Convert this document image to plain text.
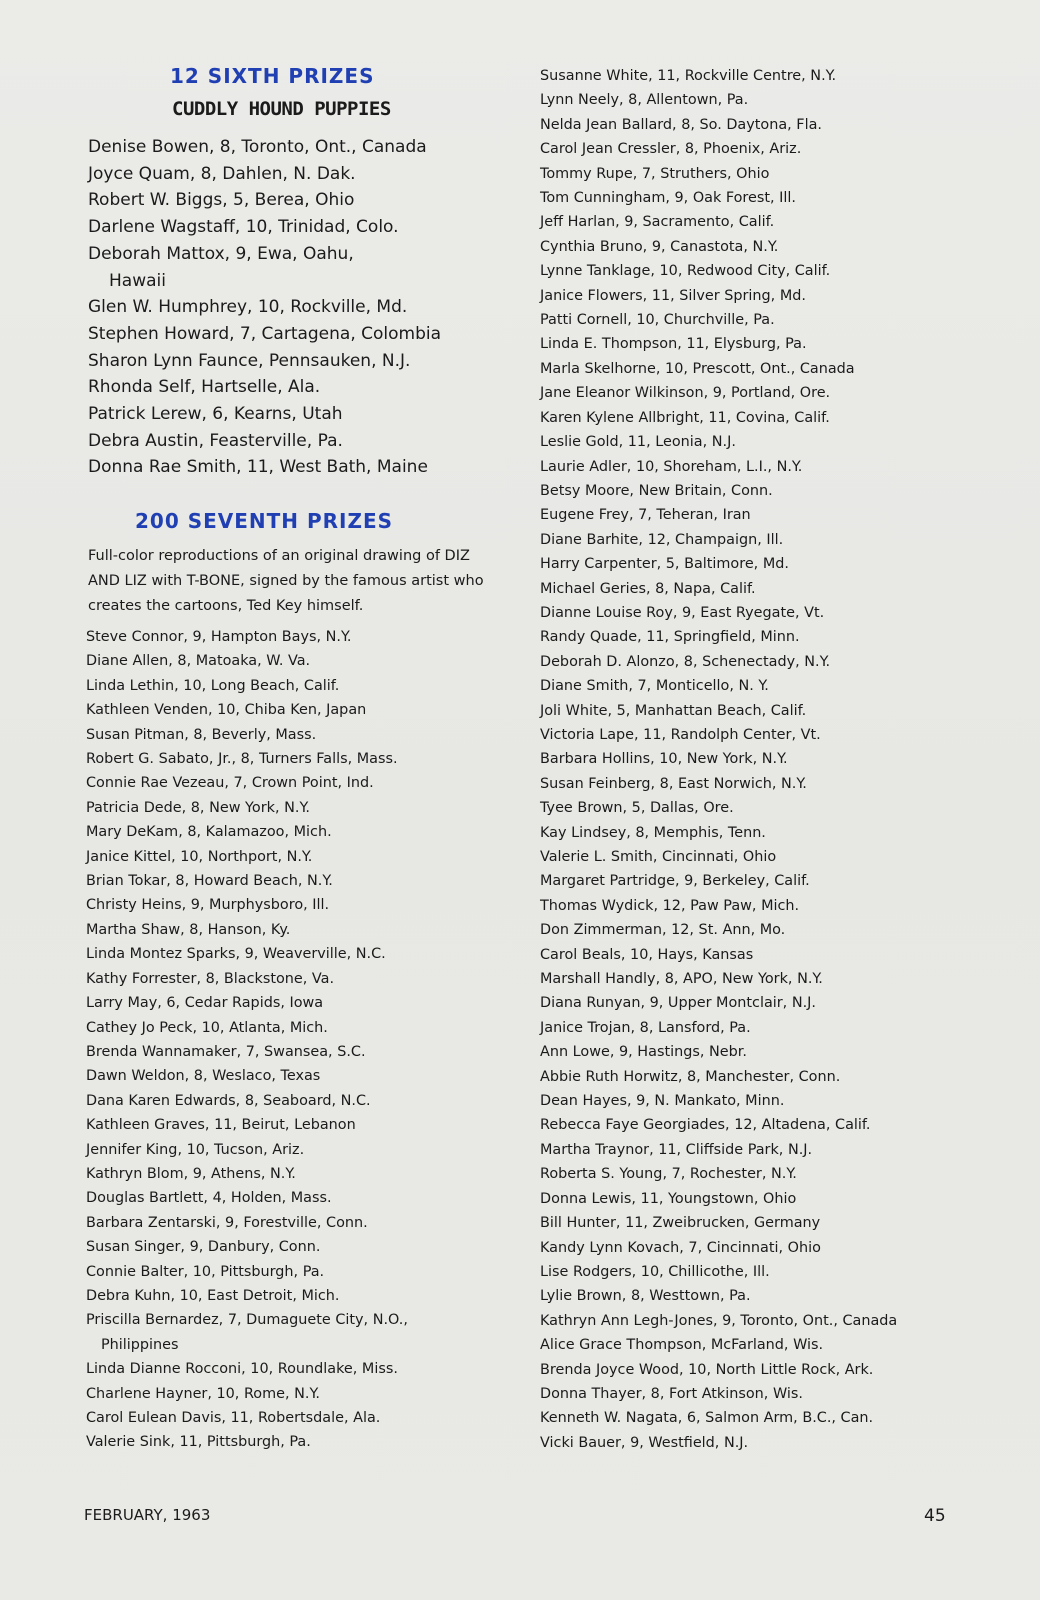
12 SIXTH PRIZES
CUDDLY HOUND PUPPIES
Denise Bowen, 8, Toronto, Ont., Canada
Joyce Quam, 8, Dahlen, N. Dak.
Robert W. Biggs, 5, Berea, Ohio
Darlene Wagstaff, 10, Trinidad, Colo.
Deborah Mattox, 9, Ewa, Oahu,
Hawaii
Glen W. Humphrey, 10, Rockville, Md.
Stephen Howard, 7, Cartagena, Colombia
Sharon Lynn Faunce, Pennsauken, N.J.
Rhonda Self, Hartselle, Ala.
Patrick Lerew, 6, Kearns, Utah
Debra Austin, Feasterville, Pa.
Donna Rae Smith, 11, West Bath, Maine
200 SEVENTH PRIZES
Full-color reproductions of an original drawing of DIZ AND LIZ with T-BONE, signed by the famous artist who creates the cartoons, Ted Key himself.
Steve Connor, 9, Hampton Bays, N.Y.
Diane Allen, 8, Matoaka, W. Va.
Linda Lethin, 10, Long Beach, Calif.
Kathleen Venden, 10, Chiba Ken, Japan
Susan Pitman, 8, Beverly, Mass.
Robert G. Sabato, Jr., 8, Turners Falls, Mass.
Connie Rae Vezeau, 7, Crown Point, Ind.
Patricia Dede, 8, New York, N.Y.
Mary DeKam, 8, Kalamazoo, Mich.
Janice Kittel, 10, Northport, N.Y.
Brian Tokar, 8, Howard Beach, N.Y.
Christy Heins, 9, Murphysboro, Ill.
Martha Shaw, 8, Hanson, Ky.
Linda Montez Sparks, 9, Weaverville, N.C.
Kathy Forrester, 8, Blackstone, Va.
Larry May, 6, Cedar Rapids, Iowa
Cathey Jo Peck, 10, Atlanta, Mich.
Brenda Wannamaker, 7, Swansea, S.C.
Dawn Weldon, 8, Weslaco, Texas
Dana Karen Edwards, 8, Seaboard, N.C.
Kathleen Graves, 11, Beirut, Lebanon
Jennifer King, 10, Tucson, Ariz.
Kathryn Blom, 9, Athens, N.Y.
Douglas Bartlett, 4, Holden, Mass.
Barbara Zentarski, 9, Forestville, Conn.
Susan Singer, 9, Danbury, Conn.
Connie Balter, 10, Pittsburgh, Pa.
Debra Kuhn, 10, East Detroit, Mich.
Priscilla Bernardez, 7, Dumaguete City, N.O.,
Philippines
Linda Dianne Rocconi, 10, Roundlake, Miss.
Charlene Hayner, 10, Rome, N.Y.
Carol Eulean Davis, 11, Robertsdale, Ala.
Valerie Sink, 11, Pittsburgh, Pa.
Susanne White, 11, Rockville Centre, N.Y.
Lynn Neely, 8, Allentown, Pa.
Nelda Jean Ballard, 8, So. Daytona, Fla.
Carol Jean Cressler, 8, Phoenix, Ariz.
Tommy Rupe, 7, Struthers, Ohio
Tom Cunningham, 9, Oak Forest, Ill.
Jeff Harlan, 9, Sacramento, Calif.
Cynthia Bruno, 9, Canastota, N.Y.
Lynne Tanklage, 10, Redwood City, Calif.
Janice Flowers, 11, Silver Spring, Md.
Patti Cornell, 10, Churchville, Pa.
Linda E. Thompson, 11, Elysburg, Pa.
Marla Skelhorne, 10, Prescott, Ont., Canada
Jane Eleanor Wilkinson, 9, Portland, Ore.
Karen Kylene Allbright, 11, Covina, Calif.
Leslie Gold, 11, Leonia, N.J.
Laurie Adler, 10, Shoreham, L.I., N.Y.
Betsy Moore, New Britain, Conn.
Eugene Frey, 7, Teheran, Iran
Diane Barhite, 12, Champaign, Ill.
Harry Carpenter, 5, Baltimore, Md.
Michael Geries, 8, Napa, Calif.
Dianne Louise Roy, 9, East Ryegate, Vt.
Randy Quade, 11, Springfield, Minn.
Deborah D. Alonzo, 8, Schenectady, N.Y.
Diane Smith, 7, Monticello, N. Y.
Joli White, 5, Manhattan Beach, Calif.
Victoria Lape, 11, Randolph Center, Vt.
Barbara Hollins, 10, New York, N.Y.
Susan Feinberg, 8, East Norwich, N.Y.
Tyee Brown, 5, Dallas, Ore.
Kay Lindsey, 8, Memphis, Tenn.
Valerie L. Smith, Cincinnati, Ohio
Margaret Partridge, 9, Berkeley, Calif.
Thomas Wydick, 12, Paw Paw, Mich.
Don Zimmerman, 12, St. Ann, Mo.
Carol Beals, 10, Hays, Kansas
Marshall Handly, 8, APO, New York, N.Y.
Diana Runyan, 9, Upper Montclair, N.J.
Janice Trojan, 8, Lansford, Pa.
Ann Lowe, 9, Hastings, Nebr.
Abbie Ruth Horwitz, 8, Manchester, Conn.
Dean Hayes, 9, N. Mankato, Minn.
Rebecca Faye Georgiades, 12, Altadena, Calif.
Martha Traynor, 11, Cliffside Park, N.J.
Roberta S. Young, 7, Rochester, N.Y.
Donna Lewis, 11, Youngstown, Ohio
Bill Hunter, 11, Zweibrucken, Germany
Kandy Lynn Kovach, 7, Cincinnati, Ohio
Lise Rodgers, 10, Chillicothe, Ill.
Lylie Brown, 8, Westtown, Pa.
Kathryn Ann Legh-Jones, 9, Toronto, Ont., Canada
Alice Grace Thompson, McFarland, Wis.
Brenda Joyce Wood, 10, North Little Rock, Ark.
Donna Thayer, 8, Fort Atkinson, Wis.
Kenneth W. Nagata, 6, Salmon Arm, B.C., Can.
Vicki Bauer, 9, Westfield, N.J.
FEBRUARY, 1963	45
